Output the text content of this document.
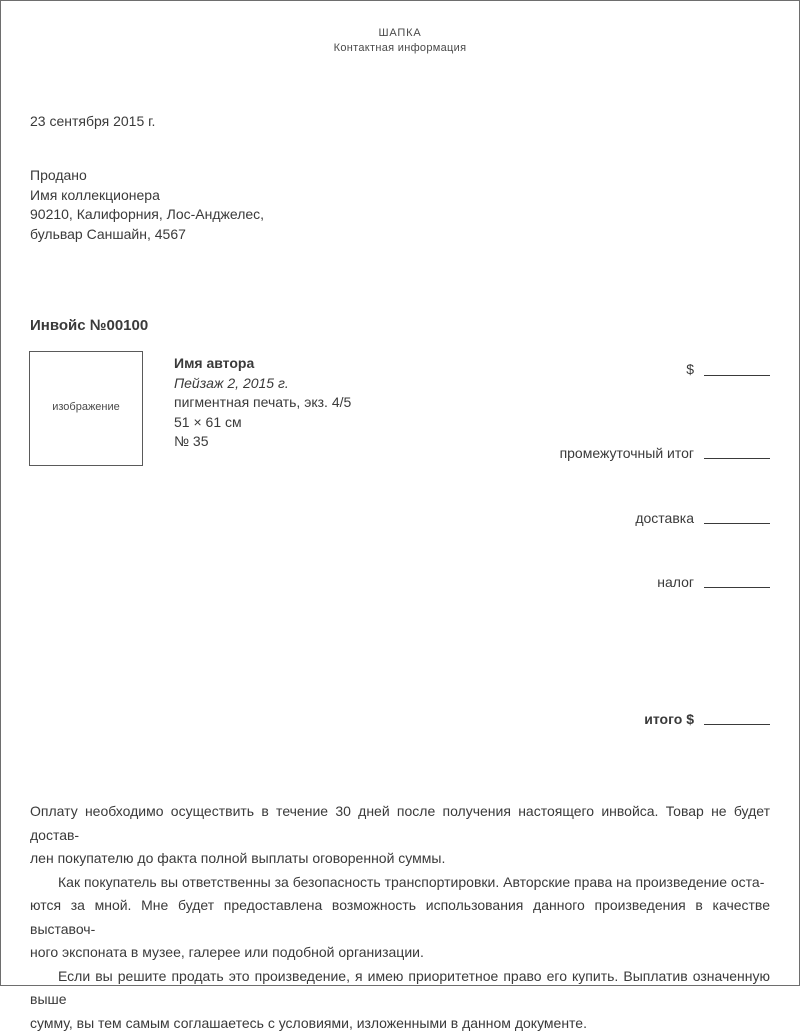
ШАПКА
Контактная информация
23 сентября 2015 г.
Продано
Имя коллекционера
90210, Калифорния, Лос-Анджелес,
бульвар Саншайн, 4567
Инвойс №00100
изображение
Имя автора
Пейзаж 2, 2015 г.
пигментная печать, экз. 4/5
51 × 61 см
№ 35
$
промежуточный итог
доставка
налог
итого $

Оплату необходимо осуществить в течение 30 дней после получения настоящего инвойса. Товар не будет достав-
лен покупателю до факта полной выплаты оговоренной суммы.

Как покупатель вы ответственны за безопасность транспортировки. Авторские права на произведение оста-
ются за мной. Мне будет предоставлена возможность использования данного произведения в качестве выставоч-
ного экспоната в музее, галерее или подобной организации.

Если вы решите продать это произведение, я имею приоритетное право его купить. Выплатив означенную выше
сумму, вы тем самым соглашаетесь с условиями, изложенными в данном документе.
